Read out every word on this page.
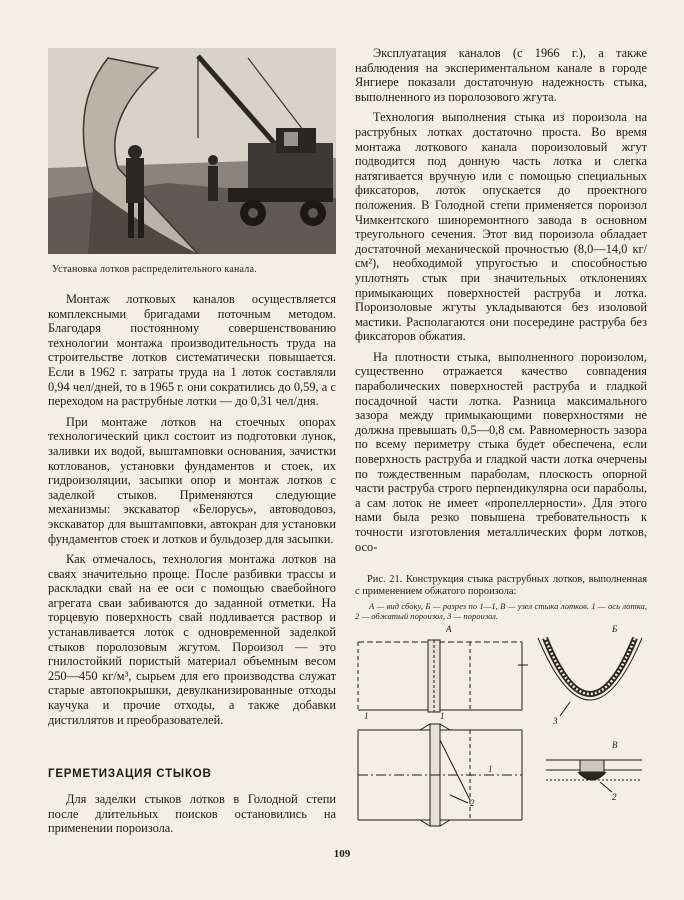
Установка лотков распределительного канала.

Монтаж лотковых каналов осуществляется комплексными бригадами поточным методом. Благодаря постоянному совершенствованию технологии монтажа производительность труда на строительстве лотков систематически повышается. Если в 1962 г. затраты труда на 1 лоток составляли 0,94 чел/дней, то в 1965 г. они сократились до 0,59, а с переходом на раструбные лотки — до 0,31 чел/дня.

При монтаже лотков на стоечных опорах технологический цикл состоит из подготовки лунок, заливки их водой, выштамповки основания, зачистки котлованов, установки фундаментов и стоек, их гидроизоляции, засыпки опор и монтаж лотков с заделкой стыков. Применяются следующие механизмы: экскаватор «Белорусь», автоводовоз, экскаватор для выштамповки, автокран для установки фундаментов стоек и лотков и бульдозер для засыпки.

Как отмечалось, технология монтажа лотков на сваях значительно проще. После разбивки трассы и раскладки свай на ее оси с помощью сваебойного агрегата сваи забиваются до заданной отметки. На торцевую поверхность свай подливается раствор и устанавливается лоток с одновременной заделкой стыков поролозовым жгутом. Пороизол — это гнилостойкий пористый материал объемным весом 250—450 кг/м³, сырьем для его производства служат старые автопокрышки, девулканизированные отходы каучука и прочие отходы, а также добавки дистиллятов и преобразователей.

ГЕРМЕТИЗАЦИЯ СТЫКОВ

Для заделки стыков лотков в Голодной степи после длительных поисков остановились на применении пороизола.

Эксплуатация каналов (с 1966 г.), а также наблюдения на экспериментальном канале в городе Янгиере показали достаточную надежность стыка, выполненного из поролозового жгута.

Технология выполнения стыка из пороизола на раструбных лотках достаточно проста. Во время монтажа лоткового канала пороизоловый жгут подводится под донную часть лотка и слегка натягивается вручную или с помощью специальных фиксаторов, лоток опускается до проектного положения. В Голодной степи применяется пороизол Чимкентского шиноремонтного завода в основном треугольного сечения. Этот вид пороизола обладает достаточной механической прочностью (8,0—14,0 кг/см²), необходимой упругостью и способностью уплотнять стык при значительных отклонениях примыкающих поверхностей раструба и лотка. Пороизоловые жгуты укладываются без изоловой мастики. Располагаются они посередине раструба без фиксаторов обжатия.

На плотности стыка, выполненного пороизолом, существенно отражается качество совпадения параболических поверхностей раструба и гладкой посадочной части лотка. Разница максимального зазора между примыкающими поверхностями не должна превышать 0,5—0,8 см. Равномерность зазора по всему периметру стыка будет обеспечена, если поверхность раструба и гладкой части лотка очерчены по тождественным параболам, плоскость опорной части раструба строго перпендикулярна оси параболы, а сам лоток не имеет «пропеллерности». Для этого нами была резко повышена требовательность к точности изготовления металлических форм лотков, осо-

Рис. 21. Конструкция стыка раструбных лотков, выполненная с применением обжатого пороизола:
А — вид сбоку, Б — разрез по 1—1, В — узел стыка лотков. 1 — ось лотка, 2 — обжатый пороизол, 3 — пороизол.
А
1	1
1
2
Б
3
В
2
109
